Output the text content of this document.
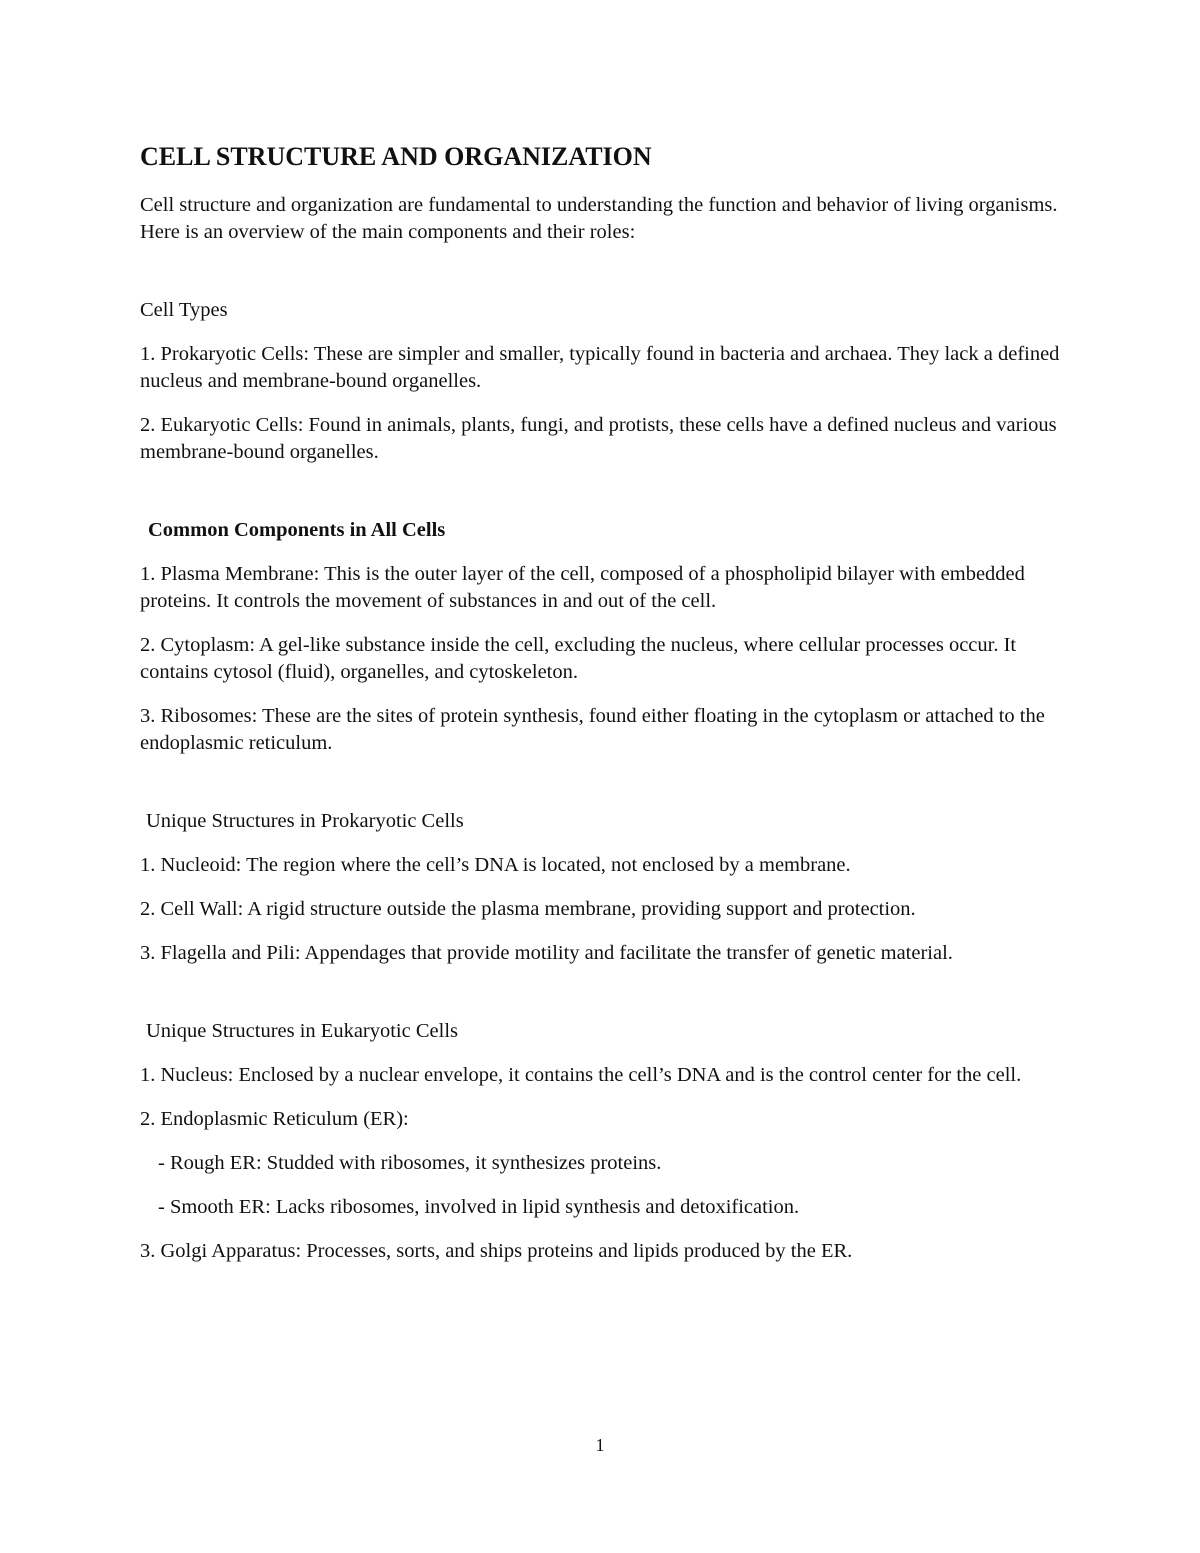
CELL STRUCTURE AND ORGANIZATION

Cell structure and organization are fundamental to understanding the function and behavior of living organisms. Here is an overview of the main components and their roles:

Cell Types

1. Prokaryotic Cells: These are simpler and smaller, typically found in bacteria and archaea. They lack a defined nucleus and membrane-bound organelles.

2. Eukaryotic Cells: Found in animals, plants, fungi, and protists, these cells have a defined nucleus and various membrane-bound organelles.

Common Components in All Cells

1. Plasma Membrane: This is the outer layer of the cell, composed of a phospholipid bilayer with embedded proteins. It controls the movement of substances in and out of the cell.

2. Cytoplasm: A gel-like substance inside the cell, excluding the nucleus, where cellular processes occur. It contains cytosol (fluid), organelles, and cytoskeleton.

3. Ribosomes: These are the sites of protein synthesis, found either floating in the cytoplasm or attached to the endoplasmic reticulum.

Unique Structures in Prokaryotic Cells

1. Nucleoid: The region where the cell’s DNA is located, not enclosed by a membrane.

2. Cell Wall: A rigid structure outside the plasma membrane, providing support and protection.

3. Flagella and Pili: Appendages that provide motility and facilitate the transfer of genetic material.

Unique Structures in Eukaryotic Cells

1. Nucleus: Enclosed by a nuclear envelope, it contains the cell’s DNA and is the control center for the cell.

2. Endoplasmic Reticulum (ER):

- Rough ER: Studded with ribosomes, it synthesizes proteins.

- Smooth ER: Lacks ribosomes, involved in lipid synthesis and detoxification.

3. Golgi Apparatus: Processes, sorts, and ships proteins and lipids produced by the ER.

1
